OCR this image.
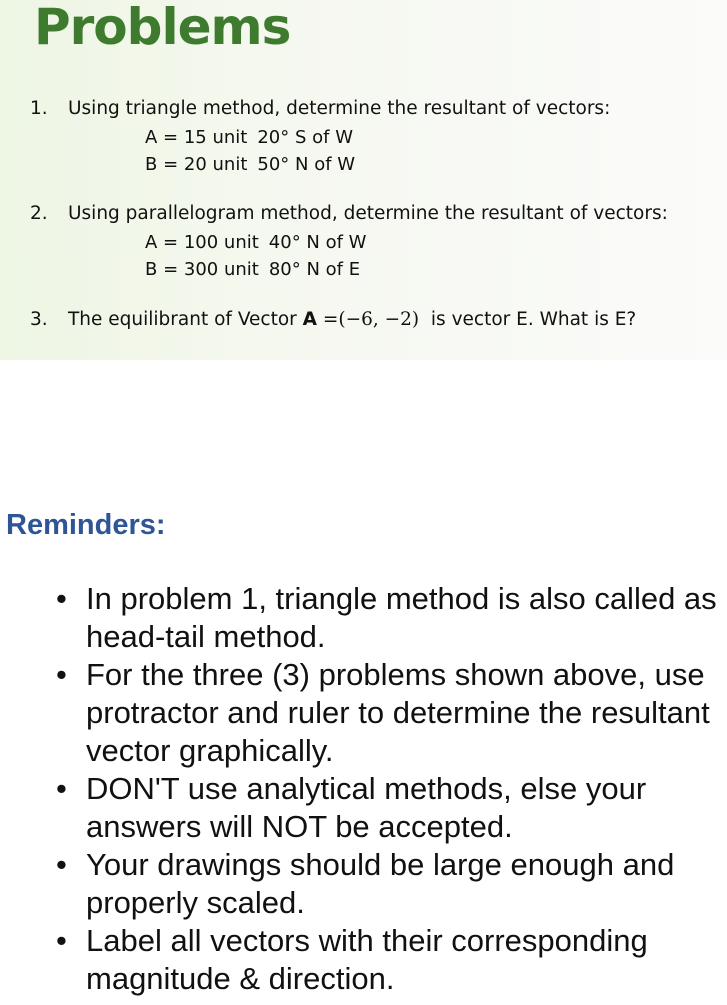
Problems
1. Using triangle method, determine the resultant of vectors:
A = 15 unit 20° S of W
B = 20 unit 50° N of W
2. Using parallelogram method, determine the resultant of vectors:
A = 100 unit 40° N of W
B = 300 unit 80° N of E
3. The equilibrant of Vector A =(−6, −2) is vector E. What is E?
Reminders:
• In problem 1, triangle method is also called as head-tail method.
• For the three (3) problems shown above, use protractor and ruler to determine the resultant vector graphically.
• DON'T use analytical methods, else your answers will NOT be accepted.
• Your drawings should be large enough and properly scaled.
• Label all vectors with their corresponding magnitude & direction.
